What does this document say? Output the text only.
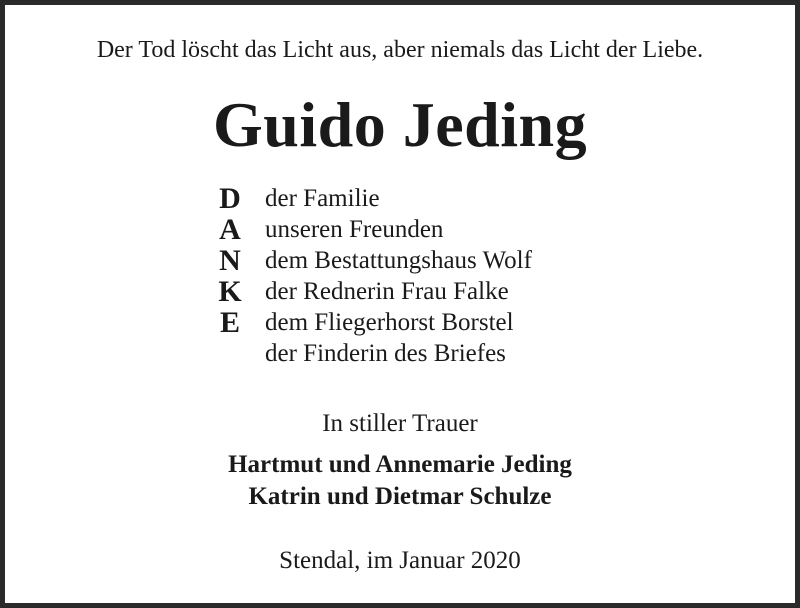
Der Tod löscht das Licht aus, aber niemals das Licht der Liebe.
Guido Jeding
D
A
N
K
E
der Familie
unseren Freunden
dem Bestattungshaus Wolf
der Rednerin Frau Falke
dem Fliegerhorst Borstel
der Finderin des Briefes
In stiller Trauer
Hartmut und Annemarie Jeding
Katrin und Dietmar Schulze
Stendal, im Januar 2020
